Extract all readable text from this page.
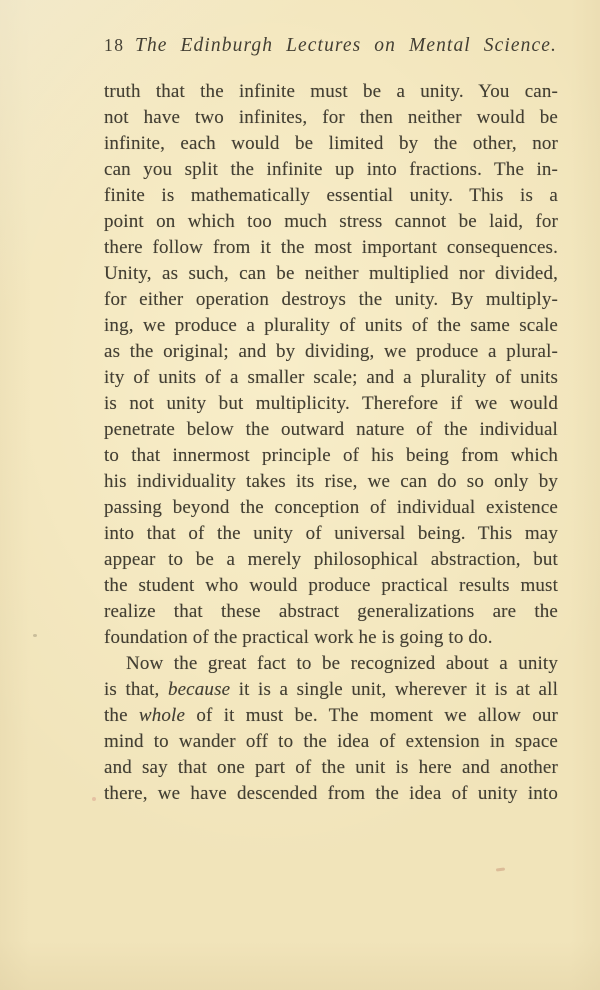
18 The Edinburgh Lectures on Mental Science.
truth that the infinite must be a unity. You can-
not have two infinites, for then neither would be
infinite, each would be limited by the other, nor
can you split the infinite up into fractions. The in-
finite is mathematically essential unity. This is a
point on which too much stress cannot be laid, for
there follow from it the most important consequences.
Unity, as such, can be neither multiplied nor divided,
for either operation destroys the unity. By multiply-
ing, we produce a plurality of units of the same scale
as the original; and by dividing, we produce a plural-
ity of units of a smaller scale; and a plurality of units
is not unity but multiplicity. Therefore if we would
penetrate below the outward nature of the individual
to that innermost principle of his being from which
his individuality takes its rise, we can do so only by
passing beyond the conception of individual existence
into that of the unity of universal being. This may
appear to be a merely philosophical abstraction, but
the student who would produce practical results must
realize that these abstract generalizations are the
foundation of the practical work he is going to do.
Now the great fact to be recognized about a unity
is that, because it is a single unit, wherever it is at all
the whole of it must be. The moment we allow our
mind to wander off to the idea of extension in space
and say that one part of the unit is here and another
there, we have descended from the idea of unity into
